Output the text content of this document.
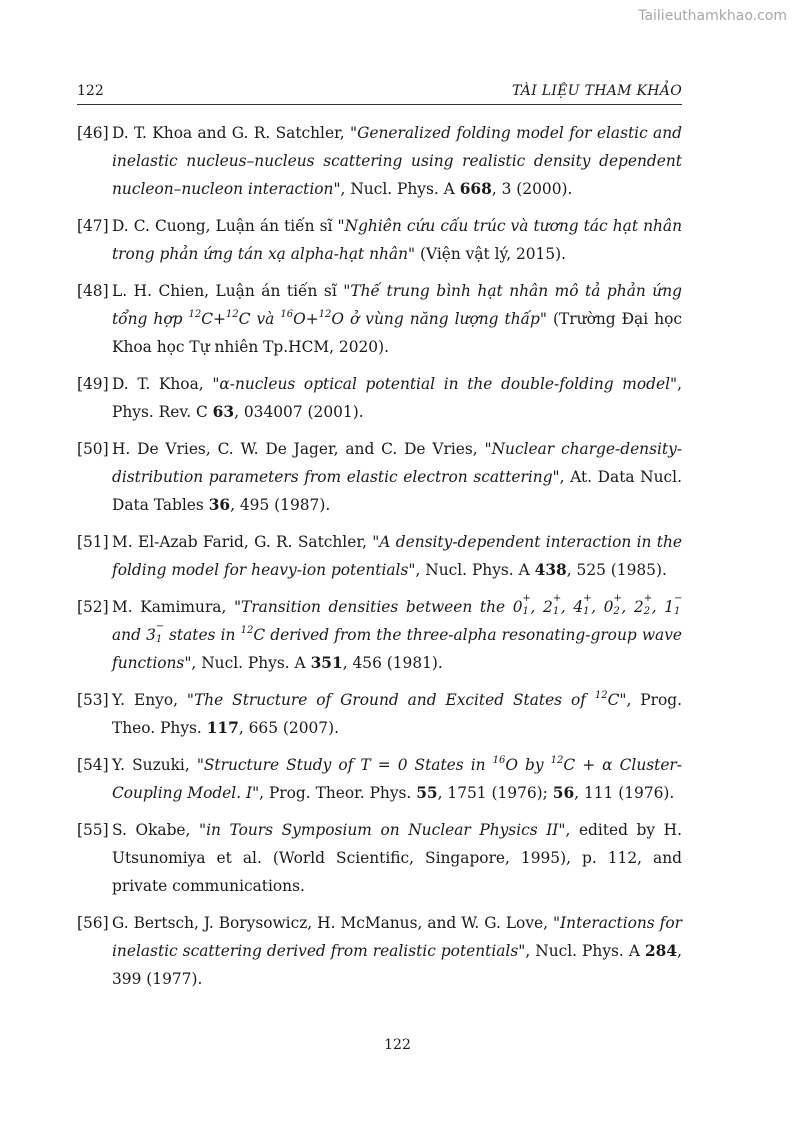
Tailieuthamkhao.com
122	TÀI LIỆU THAM KHẢO
[46] D. T. Khoa and G. R. Satchler, "Generalized folding model for elastic and inelastic nucleus–nucleus scattering using realistic density dependent nucleon–nucleon interaction", Nucl. Phys. A 668, 3 (2000).
[47] D. C. Cuong, Luận án tiến sĩ "Nghiên cứu cấu trúc và tương tác hạt nhân trong phản ứng tán xạ alpha-hạt nhân" (Viện vật lý, 2015).
[48] L. H. Chien, Luận án tiến sĩ "Thế trung bình hạt nhân mô tả phản ứng tổng hợp $^{12}$C+$^{12}$C và $^{16}$O+$^{12}$O ở vùng năng lượng thấp" (Trường Đại học Khoa học Tự nhiên Tp.HCM, 2020).
[49] D. T. Khoa, "α-nucleus optical potential in the double-folding model", Phys. Rev. C 63, 034007 (2001).
[50] H. De Vries, C. W. De Jager, and C. De Vries, "Nuclear charge-density-distribution parameters from elastic electron scattering", At. Data Nucl. Data Tables 36, 495 (1987).
[51] M. El-Azab Farid, G. R. Satchler, "A density-dependent interaction in the folding model for heavy-ion potentials", Nucl. Phys. A 438, 525 (1985).
[52] M. Kamimura, "Transition densities between the 0 +
1 , 2 +
1 , 4 +
1 , 0 +
2 , 2 +
2 , 1 −
1
and 3 −
1 states in $^{12}$C derived from the three-alpha resonating-group wave functions", Nucl. Phys. A 351, 456 (1981).
[53] Y. Enyo, "The Structure of Ground and Excited States of $^{12}$C", Prog. Theo. Phys. 117, 665 (2007).
[54] Y. Suzuki, "Structure Study of T = 0 States in $^{16}$O by $^{12}$C + α Cluster-Coupling Model. I", Prog. Theor. Phys. 55, 1751 (1976); 56, 111 (1976).
[55] S. Okabe, "in Tours Symposium on Nuclear Physics II", edited by H. Utsunomiya et al. (World Scientific, Singapore, 1995), p. 112, and private communications.
[56] G. Bertsch, J. Borysowicz, H. McManus, and W. G. Love, "Interactions for inelastic scattering derived from realistic potentials", Nucl. Phys. A 284, 399 (1977).
122
